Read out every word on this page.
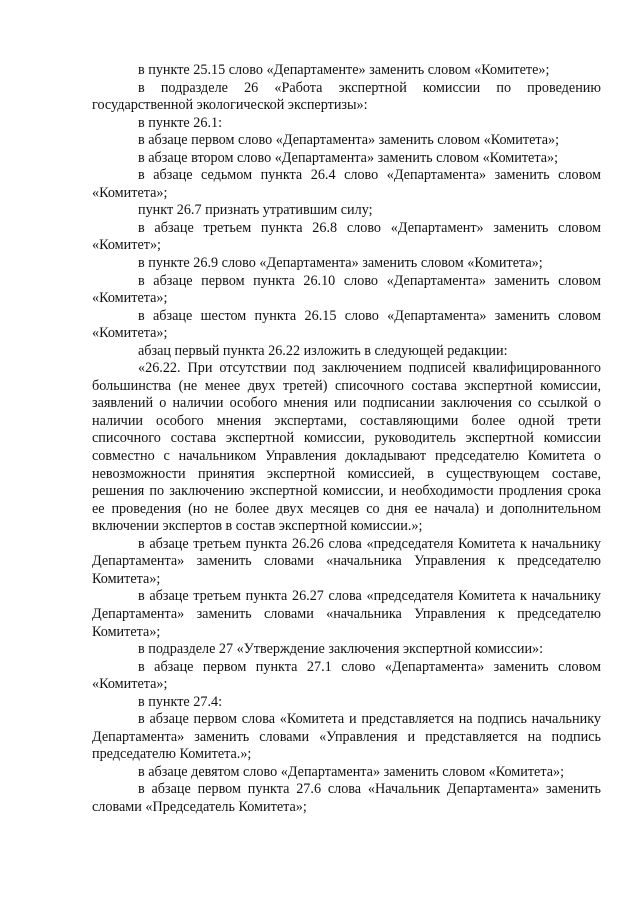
в пункте 25.15 слово «Департаменте» заменить словом «Комитете»;

в подразделе 26 «Работа экспертной комиссии по проведению государственной экологической экспертизы»:

в пункте 26.1:

в абзаце первом слово «Департамента» заменить словом «Комитета»;

в абзаце втором слово «Департамента» заменить словом «Комитета»;

в абзаце седьмом пункта 26.4 слово «Департамента» заменить словом «Комитета»;

пункт 26.7 признать утратившим силу;

в абзаце третьем пункта 26.8 слово «Департамент» заменить словом «Комитет»;

в пункте 26.9 слово «Департамента» заменить словом «Комитета»;

в абзаце первом пункта 26.10 слово «Департамента» заменить словом «Комитета»;

в абзаце шестом пункта 26.15 слово «Департамента» заменить словом «Комитета»;

абзац первый пункта 26.22 изложить в следующей редакции:

«26.22. При отсутствии под заключением подписей квалифицированного большинства (не менее двух третей) списочного состава экспертной комиссии, заявлений о наличии особого мнения или подписании заключения со ссылкой о наличии особого мнения экспертами, составляющими более одной трети списочного состава экспертной комиссии, руководитель экспертной комиссии совместно с начальником Управления докладывают председателю Комитета о невозможности принятия экспертной комиссией, в существующем составе, решения по заключению экспертной комиссии, и необходимости продления срока ее проведения (но не более двух месяцев со дня ее начала) и дополнительном включении экспертов в состав экспертной комиссии.»;

в абзаце третьем пункта 26.26 слова «председателя Комитета к начальнику Департамента» заменить словами «начальника Управления к председателю Комитета»;

в абзаце третьем пункта 26.27 слова «председателя Комитета к начальнику Департамента» заменить словами «начальника Управления к председателю Комитета»;

в подразделе 27 «Утверждение заключения экспертной комиссии»:

в абзаце первом пункта 27.1 слово «Департамента» заменить словом «Комитета»;

в пункте 27.4:

в абзаце первом слова «Комитета и представляется на подпись начальнику Департамента» заменить словами «Управления и представляется на подпись председателю Комитета.»;

в абзаце девятом слово «Департамента» заменить словом «Комитета»;

в абзаце первом пункта 27.6 слова «Начальник Департамента» заменить словами «Председатель Комитета»;
